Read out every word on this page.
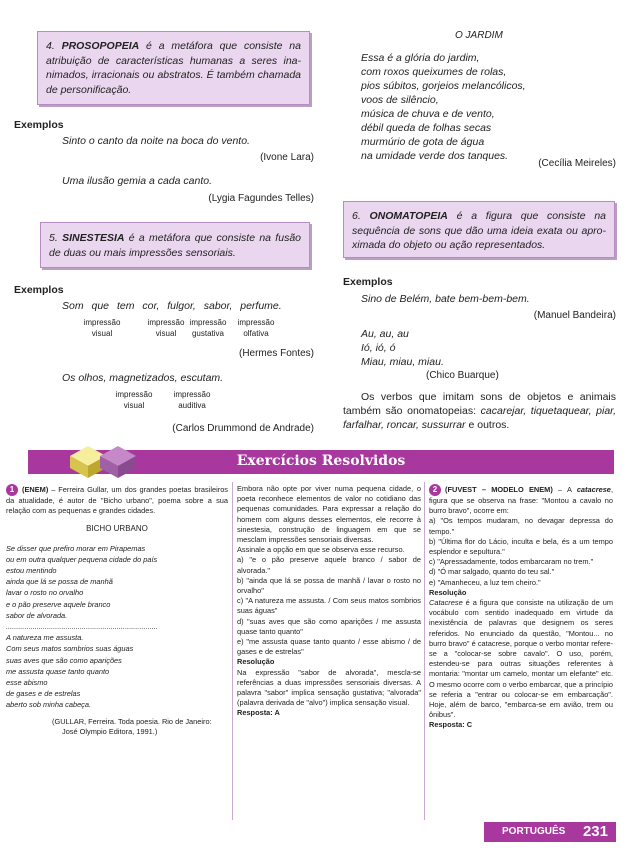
4. PROSOPOPEIA é a metáfora que consiste na atribuição de características humanas a seres ina-nimados, irracionais ou abstratos. É também chamada de personificação.

Exemplos
Sinto o canto da noite na boca do vento.
(Ivone Lara)
Uma ilusão gemia a cada canto.
(Lygia Fagundes Telles)

5. SINESTESIA é a metáfora que consiste na fusão de duas ou mais impressões sensoriais.

Exemplos
Som que tem cor, fulgor, sabor, perfume.
impressão
visual
impressão
visual
impressão
gustativa
impressão
olfativa
(Hermes Fontes)
Os olhos, magnetizados, escutam.
impressão
visual
impressão
auditiva
(Carlos Drummond de Andrade)
O JARDIM
Essa é a glória do jardim,
com roxos queixumes de rolas,
pios súbitos, gorjeios melancólicos,
voos de silêncio,
música de chuva e de vento,
débil queda de folhas secas
murmúrio de gota de água
na umidade verde dos tanques.
(Cecília Meireles)

6. ONOMATOPEIA é a figura que consiste na sequência de sons que dão uma ideia exata ou apro-ximada do objeto ou ação representados.

Exemplos
Sino de Belém, bate bem-bem-bem.
(Manuel Bandeira)
Au, au, au
Ió, ió, ó
Miau, miau, miau.
(Chico Buarque)
Os verbos que imitam sons de objetos e animais também são onomatopeias: cacarejar, tiquetaquear, piar, farfalhar, roncar, sussurrar e outros.
Exercícios Resolvidos

1 (ENEM) – Ferreira Gullar, um dos grandes poetas brasileiros da atualidade, é autor de "Bicho urbano", poema sobre a sua relação com as pequenas e grandes cidades.

BICHO URBANO

Se disser que prefiro morar em Pirapemas
ou em outra qualquer pequena cidade do país
estou mentindo
ainda que lá se possa de manhã
lavar o rosto no orvalho
e o pão preserve aquele branco
sabor de alvorada.
..........................................................................
A natureza me assusta.
Com seus matos sombrios suas águas
suas aves que são como aparições
me assusta quase tanto quanto
esse abismo
de gases e de estrelas
aberto sob minha cabeça.

(GULLAR, Ferreira. Toda poesia. Rio de Janeiro: José Olympio Editora, 1991.)

Embora não opte por viver numa pequena cidade, o poeta reconhece elementos de valor no cotidiano das pequenas comunidades. Para expressar a relação do homem com alguns desses elementos, ele recorre à sinestesia, construção de linguagem em que se mesclam impressões sensoriais diversas.

Assinale a opção em que se observa esse recurso.

a) "e o pão preserve aquele branco / sabor de alvorada."

b) "ainda que lá se possa de manhã / lavar o rosto no orvalho"

c) "A natureza me assusta. / Com seus matos sombrios suas águas"

d) "suas aves que são como aparições / me assusta quase tanto quanto"

e) "me assusta quase tanto quanto / esse abismo / de gases e de estrelas"

Resolução

Na expressão "sabor de alvorada", mescla-se referências a duas impressões sensoriais diversas. A palavra "sabor" implica sensação gustativa; "alvorada" (palavra derivada de "alvo") implica sensação visual.

Resposta: A

2 (FUVEST – MODELO ENEM) – A catacrese, figura que se observa na frase: "Montou a cavalo no burro bravo", ocorre em:

a) "Os tempos mudaram, no devagar depressa do tempo."

b) "Última flor do Lácio, inculta e bela, és a um tempo esplendor e sepultura."

c) "Apressadamente, todos embarcaram no trem."

d) "Ó mar salgado, quanto do teu sal."

e) "Amanheceu, a luz tem cheiro."

Resolução

Catacrese é a figura que consiste na utilização de um vocábulo com sentido inadequado em virtude da inexistência de palavras que designem os seres referidos. No enunciado da questão, "Montou... no burro bravo" é catacrese, porque o verbo montar refere-se a "colocar-se sobre cavalo". O uso, porém, estendeu-se para outras situações referentes à montaria: "montar um camelo, montar um elefante" etc. O mesmo ocorre com o verbo embarcar, que a princípio se referia a "entrar ou colocar-se em embarcação". Hoje, além de barco, "embarca-se em avião, trem ou ônibus".

Resposta: C

PORTUGUÊS 231
